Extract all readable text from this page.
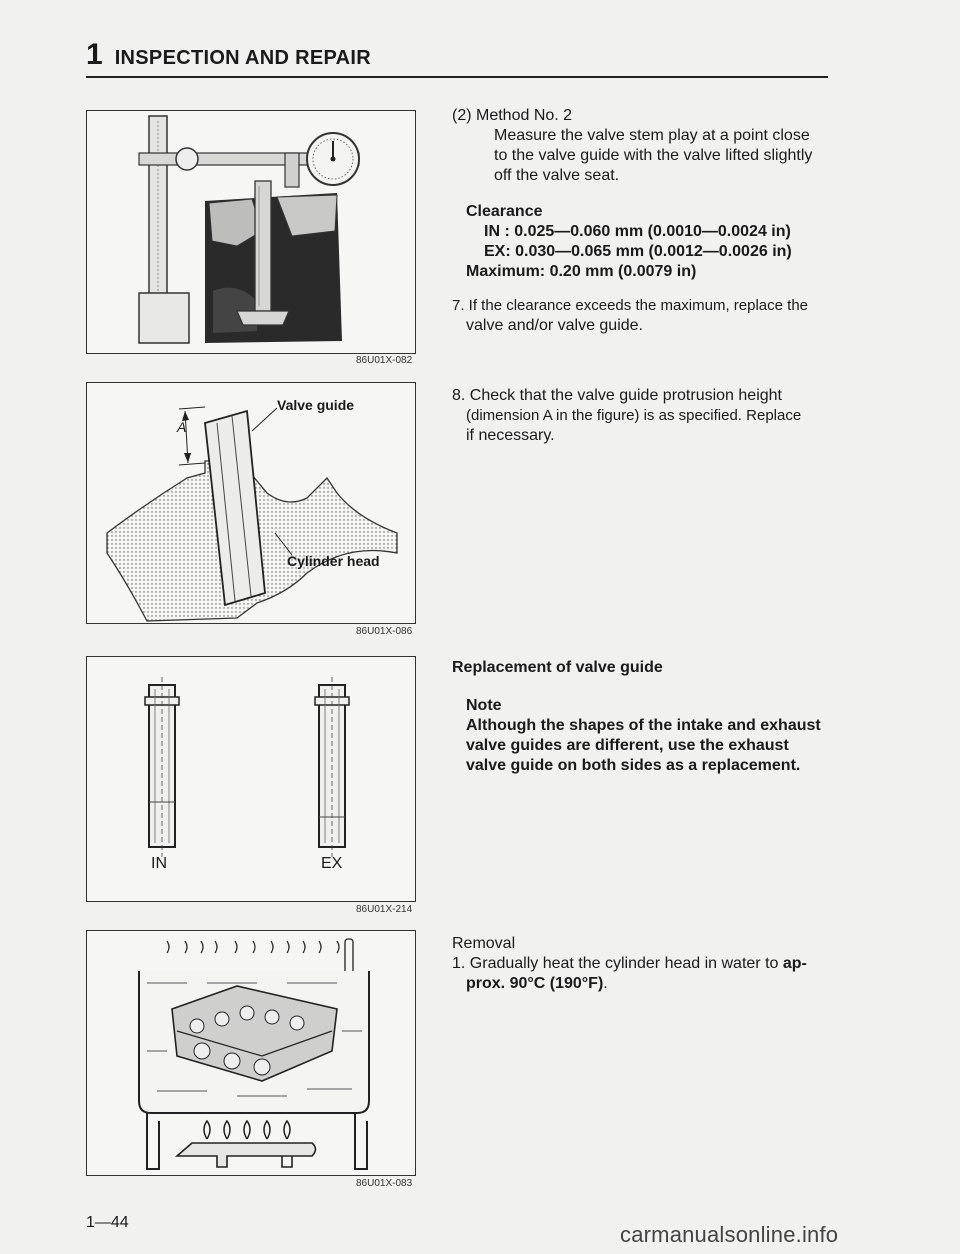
1 INSPECTION AND REPAIR
86U01X-082
A
Valve guide
Cylinder head
86U01X-086
IN	EX
86U01X-214
86U01X-083
(2) Method No. 2
Measure the valve stem play at a point close
to the valve guide with the valve lifted slightly
off the valve seat.
Clearance
IN : 0.025—0.060 mm (0.0010—0.0024 in)
EX: 0.030—0.065 mm (0.0012—0.0026 in)
Maximum: 0.20 mm (0.0079 in)
7. If the clearance exceeds the maximum, replace the
valve and/or valve guide.
8. Check that the valve guide protrusion height
(dimension A in the figure) is as specified. Replace
if necessary.
Replacement of valve guide
Note
Although the shapes of the intake and exhaust
valve guides are different, use the exhaust
valve guide on both sides as a replacement.
Removal
1. Gradually heat the cylinder head in water to ap-
prox. 90°C (190°F).
1—44	carmanualsonline.info
